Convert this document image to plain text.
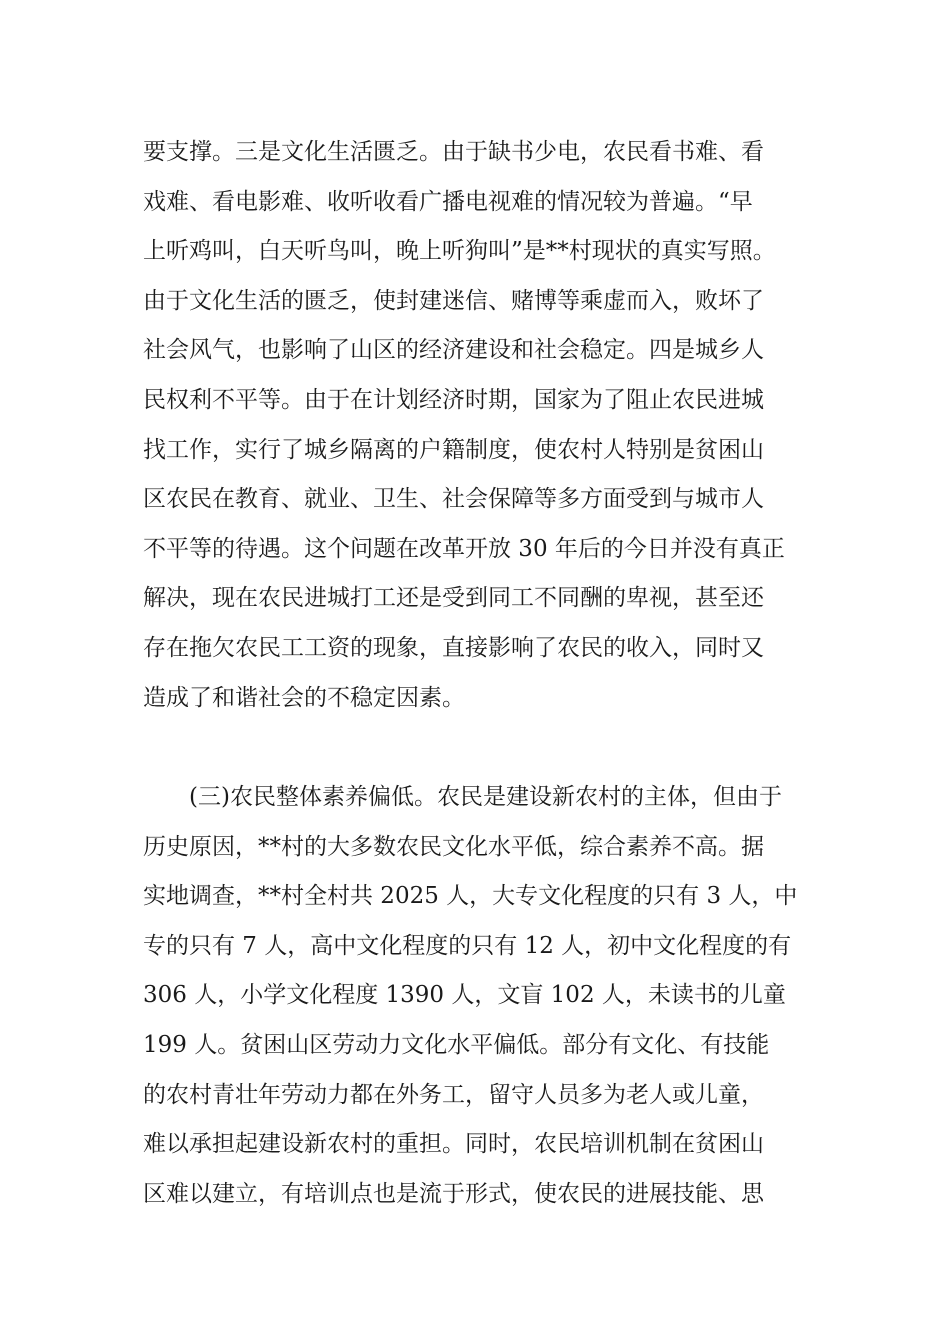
要支撑。三是文化生活匮乏。由于缺书少电，农民看书难、看
戏难、看电影难、收听收看广播电视难的情况较为普遍。“早
上听鸡叫，白天听鸟叫，晚上听狗叫”是**村现状的真实写照。
由于文化生活的匮乏，使封建迷信、赌博等乘虚而入，败坏了
社会风气，也影响了山区的经济建设和社会稳定。四是城乡人
民权利不平等。由于在计划经济时期，国家为了阻止农民进城
找工作，实行了城乡隔离的户籍制度，使农村人特别是贫困山
区农民在教育、就业、卫生、社会保障等多方面受到与城市人
不平等的待遇。这个问题在改革开放 30 年后的今日并没有真正
解决，现在农民进城打工还是受到同工不同酬的卑视，甚至还
存在拖欠农民工工资的现象，直接影响了农民的收入，同时又
造成了和谐社会的不稳定因素。
(三)农民整体素养偏低。农民是建设新农村的主体，但由于
历史原因，**村的大多数农民文化水平低，综合素养不高。据
实地调查，**村全村共 2025 人，大专文化程度的只有 3 人，中
专的只有 7 人，高中文化程度的只有 12 人，初中文化程度的有
306 人，小学文化程度 1390 人，文盲 102 人，未读书的儿童
199 人。贫困山区劳动力文化水平偏低。部分有文化、有技能
的农村青壮年劳动力都在外务工，留守人员多为老人或儿童，
难以承担起建设新农村的重担。同时，农民培训机制在贫困山
区难以建立，有培训点也是流于形式，使农民的进展技能、思
